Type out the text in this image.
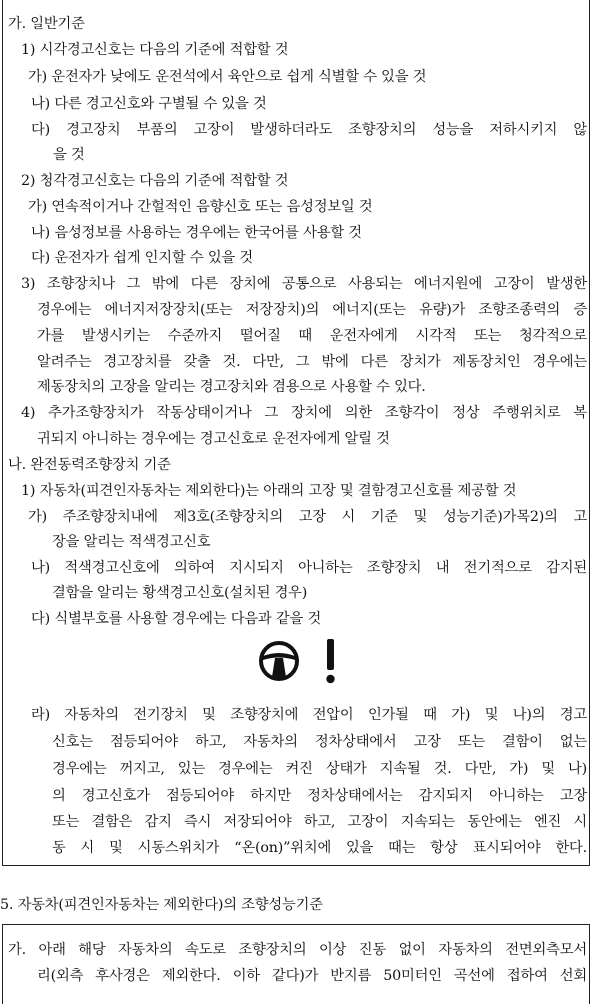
가. 일반기준
1) 시각경고신호는 다음의 기준에 적합할 것
가) 운전자가 낮에도 운전석에서 육안으로 쉽게 식별할 수 있을 것
나) 다른 경고신호와 구별될 수 있을 것
다) 경고장치 부품의 고장이 발생하더라도 조향장치의 성능을 저하시키지 않
을 것
2) 청각경고신호는 다음의 기준에 적합할 것
가) 연속적이거나 간헐적인 음향신호 또는 음성정보일 것
나) 음성정보를 사용하는 경우에는 한국어를 사용할 것
다) 운전자가 쉽게 인지할 수 있을 것
3) 조향장치나 그 밖에 다른 장치에 공통으로 사용되는 에너지원에 고장이 발생한
경우에는 에너지저장장치(또는 저장장치)의 에너지(또는 유량)가 조향조종력의 증
가를 발생시키는 수준까지 떨어질 때 운전자에게 시각적 또는 청각적으로
알려주는 경고장치를 갖출 것. 다만, 그 밖에 다른 장치가 제동장치인 경우에는
제동장치의 고장을 알리는 경고장치와 겸용으로 사용할 수 있다.
4) 추가조향장치가 작동상태이거나 그 장치에 의한 조향각이 정상 주행위치로 복
귀되지 아니하는 경우에는 경고신호로 운전자에게 알릴 것
나. 완전동력조향장치 기준
1) 자동차(피견인자동차는 제외한다)는 아래의 고장 및 결함경고신호를 제공할 것
가) 주조향장치내에 제3호(조향장치의 고장 시 기준 및 성능기준)가목2)의 고
장을 알리는 적색경고신호
나) 적색경고신호에 의하여 지시되지 아니하는 조향장치 내 전기적으로 감지된
결함을 알리는 황색경고신호(설치된 경우)
다) 식별부호를 사용할 경우에는 다음과 같을 것
라) 자동차의 전기장치 및 조향장치에 전압이 인가될 때 가) 및 나)의 경고
신호는 점등되어야 하고, 자동차의 정차상태에서 고장 또는 결함이 없는
경우에는 꺼지고, 있는 경우에는 켜진 상태가 지속될 것. 다만, 가) 및 나)
의 경고신호가 점등되어야 하지만 정차상태에서는 감지되지 아니하는 고장
또는 결함은 감지 즉시 저장되어야 하고, 고장이 지속되는 동안에는 엔진 시
동 시 및 시동스위치가 “온(on)”위치에 있을 때는 항상 표시되어야 한다.
5. 자동차(피견인자동차는 제외한다)의 조향성능기준
가. 아래 해당 자동차의 속도로 조향장치의 이상 진동 없이 자동차의 전면외측모서
리(외측 후사경은 제외한다. 이하 같다)가 반지름 50미터인 곡선에 접하여 선회
